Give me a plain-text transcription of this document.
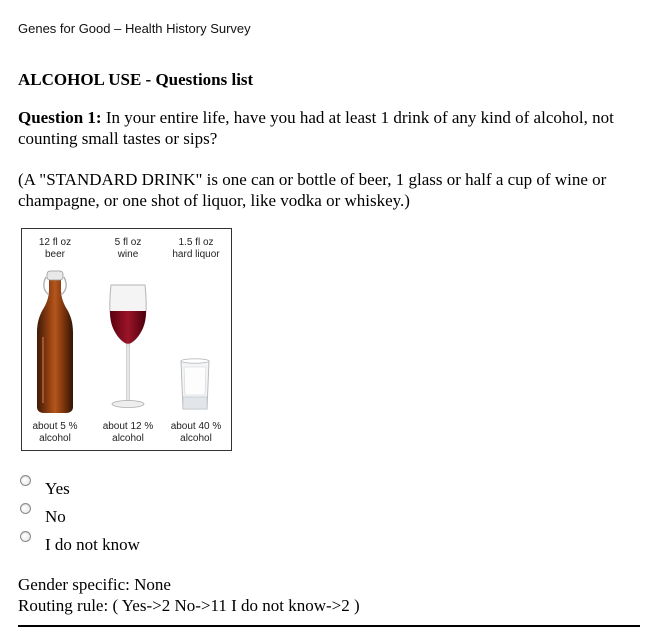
Genes for Good – Health History Survey
ALCOHOL USE - Questions list
Question 1: In your entire life, have you had at least 1 drink of any kind of alcohol, not counting small tastes or sips?
(A "STANDARD DRINK" is one can or bottle of beer, 1 glass or half a cup of wine or champagne, or one shot of liquor, like vodka or whiskey.)
12 fl oz
beer
about 5 %
alcohol
5 fl oz
wine
about 12 %
alcohol
1.5 fl oz
hard liquor
about 40 %
alcohol
Yes
No
I do not know
Gender specific: None
Routing rule: ( Yes->2 No->11 I do not know->2 )
